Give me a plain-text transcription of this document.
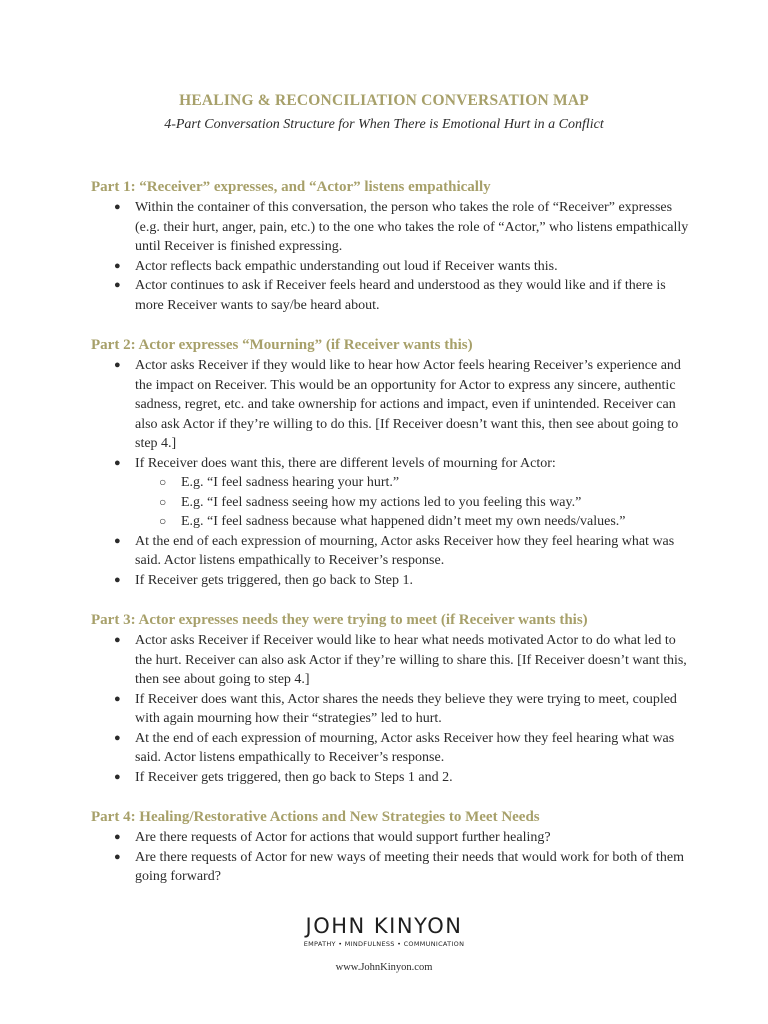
HEALING & RECONCILIATION CONVERSATION MAP
4-Part Conversation Structure for When There is Emotional Hurt in a Conflict

Part 1: “Receiver” expresses, and “Actor” listens empathically

● Within the container of this conversation, the person who takes the role of “Receiver” expresses (e.g. their hurt, anger, pain, etc.) to the one who takes the role of “Actor,” who listens empathically until Receiver is finished expressing.
● Actor reflects back empathic understanding out loud if Receiver wants this.
● Actor continues to ask if Receiver feels heard and understood as they would like and if there is more Receiver wants to say/be heard about.

Part 2: Actor expresses “Mourning” (if Receiver wants this)

● Actor asks Receiver if they would like to hear how Actor feels hearing Receiver’s experience and the impact on Receiver. This would be an opportunity for Actor to express any sincere, authentic sadness, regret, etc. and take ownership for actions and impact, even if unintended. Receiver can also ask Actor if they’re willing to do this. [If Receiver doesn’t want this, then see about going to step 4.]
● If Receiver does want this, there are different levels of mourning for Actor:
○ E.g. “I feel sadness hearing your hurt.”
○ E.g. “I feel sadness seeing how my actions led to you feeling this way.”
○ E.g. “I feel sadness because what happened didn’t meet my own needs/values.”
● At the end of each expression of mourning, Actor asks Receiver how they feel hearing what was said. Actor listens empathically to Receiver’s response.
● If Receiver gets triggered, then go back to Step 1.

Part 3: Actor expresses needs they were trying to meet (if Receiver wants this)

● Actor asks Receiver if Receiver would like to hear what needs motivated Actor to do what led to the hurt. Receiver can also ask Actor if they’re willing to share this. [If Receiver doesn’t want this, then see about going to step 4.]
● If Receiver does want this, Actor shares the needs they believe they were trying to meet, coupled with again mourning how their “strategies” led to hurt.
● At the end of each expression of mourning, Actor asks Receiver how they feel hearing what was said. Actor listens empathically to Receiver’s response.
● If Receiver gets triggered, then go back to Steps 1 and 2.

Part 4: Healing/Restorative Actions and New Strategies to Meet Needs

● Are there requests of Actor for actions that would support further healing?
● Are there requests of Actor for new ways of meeting their needs that would work for both of them going forward?
JOHN KINYON
EMPATHY • MINDFULNESS • COMMUNICATION
www.JohnKinyon.com
